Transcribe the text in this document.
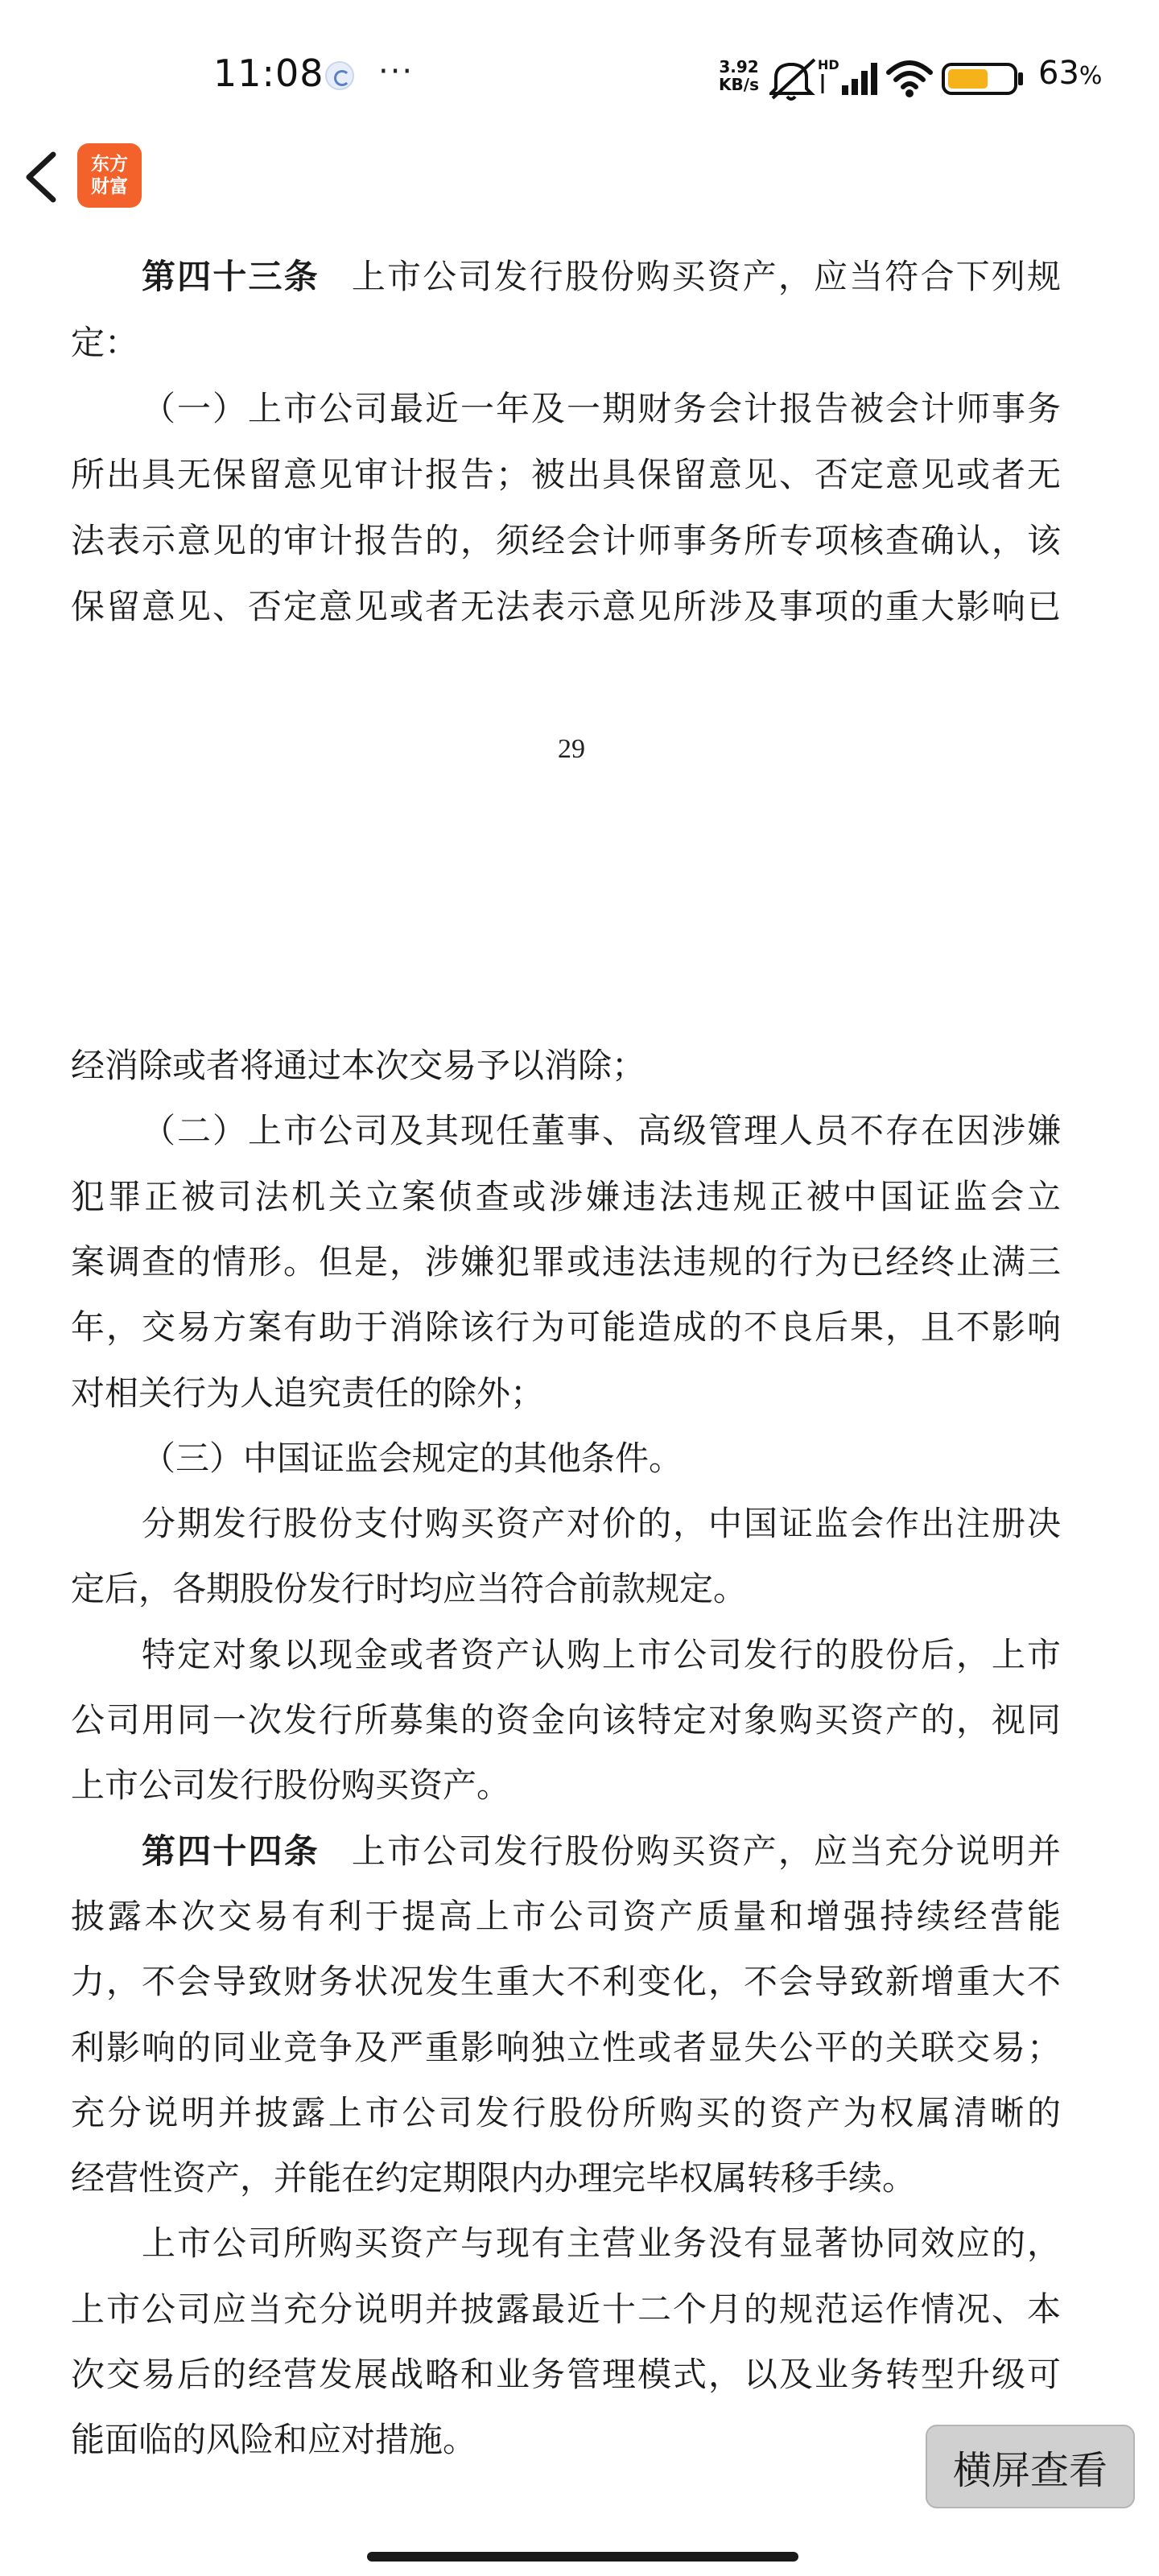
11:08 ···	3.92
KB/s
HD	63%
东方
财富
第四十三条 上市公司发行股份购买资产，应当符合下列规
定：
（一）上市公司最近一年及一期财务会计报告被会计师事务
所出具无保留意见审计报告；被出具保留意见、否定意见或者无
法表示意见的审计报告的，须经会计师事务所专项核查确认，该
保留意见、否定意见或者无法表示意见所涉及事项的重大影响已
29
经消除或者将通过本次交易予以消除；
（二）上市公司及其现任董事、高级管理人员不存在因涉嫌
犯罪正被司法机关立案侦查或涉嫌违法违规正被中国证监会立
案调查的情形。但是，涉嫌犯罪或违法违规的行为已经终止满三
年，交易方案有助于消除该行为可能造成的不良后果，且不影响
对相关行为人追究责任的除外；
（三）中国证监会规定的其他条件。
分期发行股份支付购买资产对价的，中国证监会作出注册决
定后，各期股份发行时均应当符合前款规定。
特定对象以现金或者资产认购上市公司发行的股份后，上市
公司用同一次发行所募集的资金向该特定对象购买资产的，视同
上市公司发行股份购买资产。
第四十四条 上市公司发行股份购买资产，应当充分说明并
披露本次交易有利于提高上市公司资产质量和增强持续经营能
力，不会导致财务状况发生重大不利变化，不会导致新增重大不
利影响的同业竞争及严重影响独立性或者显失公平的关联交易；
充分说明并披露上市公司发行股份所购买的资产为权属清晰的
经营性资产，并能在约定期限内办理完毕权属转移手续。
上市公司所购买资产与现有主营业务没有显著协同效应的，
上市公司应当充分说明并披露最近十二个月的规范运作情况、本
次交易后的经营发展战略和业务管理模式，以及业务转型升级可
能面临的风险和应对措施。
横屏查看
